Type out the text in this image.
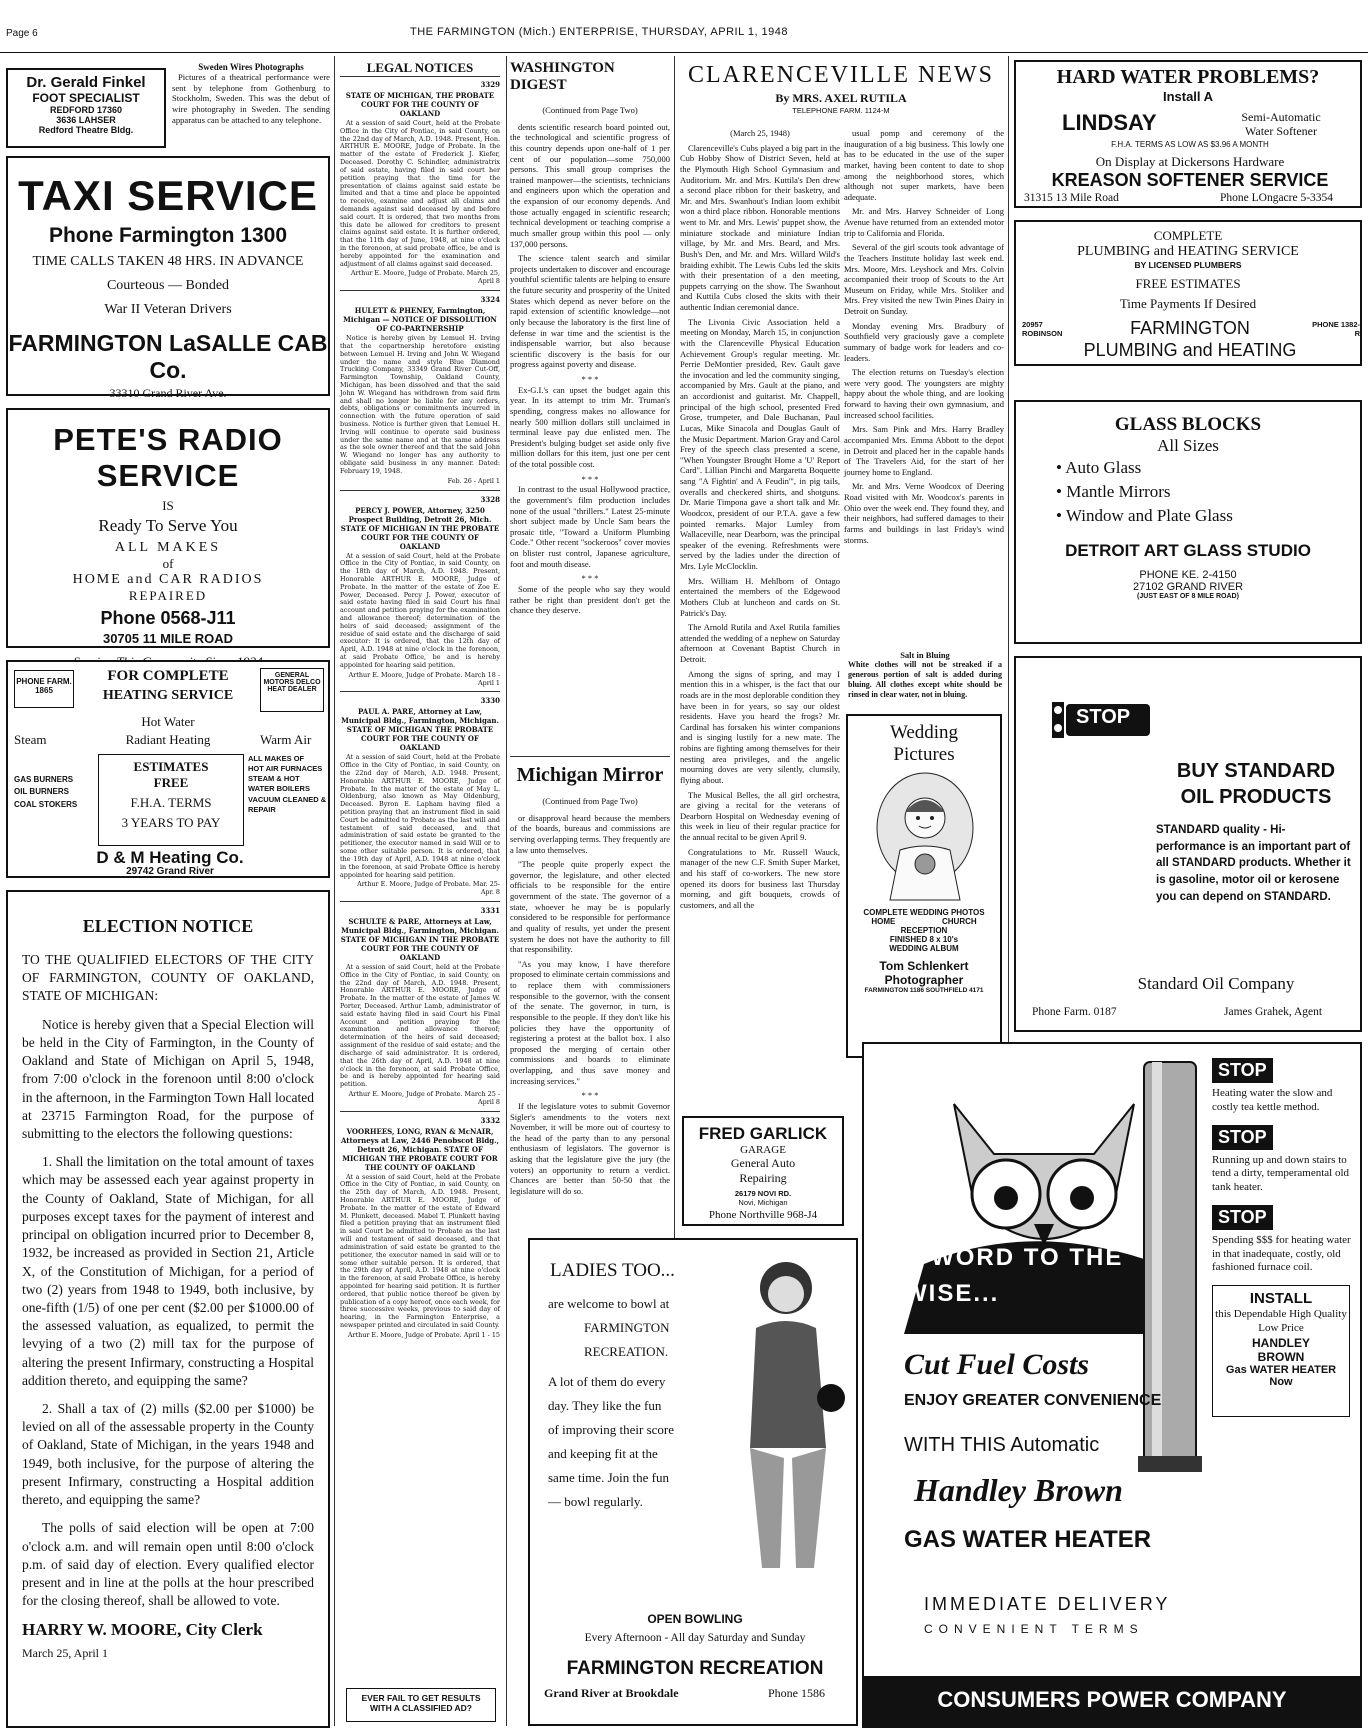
Page 6	THE FARMINGTON (Mich.) ENTERPRISE, THURSDAY, APRIL 1, 1948
Dr. Gerald Finkel
FOOT SPECIALIST
REDFORD 17360
3636 LAHSER
Redford Theatre Bldg.
Sweden Wires Photographs
Pictures of a theatrical performance were sent by telephone from Gothenburg to Stockholm, Sweden. This was the debut of wire photography in Sweden. The sending apparatus can be attached to any telephone.
TAXI SERVICE
Phone Farmington 1300
TIME CALLS TAKEN 48 HRS. IN ADVANCE
Courteous — Bonded
War II Veteran Drivers
FARMINGTON LaSALLE CAB Co.
33310 Grand River Ave.
PETE'S RADIO SERVICE
IS
Ready To Serve You
ALL MAKES
of
HOME and CAR RADIOS
REPAIRED
Phone 0568-J11
30705 11 MILE ROAD
PHONE FARM. 1865
FOR COMPLETE
HEATING SERVICE
GENERAL MOTORS DELCO HEAT DEALER
Hot Water
Steam	Radiant Heating	Warm Air
GAS BURNERS
OIL BURNERS
COAL STOKERS
ESTIMATES
FREE
F.H.A. TERMS
3 YEARS TO PAY
ALL MAKES OF
HOT AIR FURNACES
STEAM & HOT WATER BOILERS
VACUUM CLEANED & REPAIR
D & M Heating Co.
29742 Grand River
ELECTION NOTICE

TO THE QUALIFIED ELECTORS OF THE CITY OF FARMINGTON, COUNTY OF OAKLAND, STATE OF MICHIGAN:

Notice is hereby given that a Special Election will be held in the City of Farmington, in the County of Oakland and State of Michigan on April 5, 1948, from 7:00 o'clock in the forenoon until 8:00 o'clock in the afternoon, in the Farmington Town Hall located at 23715 Farmington Road, for the purpose of submitting to the electors the following questions:

1. Shall the limitation on the total amount of taxes which may be assessed each year against property in the County of Oakland, State of Michigan, for all purposes except taxes for the payment of interest and principal on obligation incurred prior to December 8, 1932, be increased as provided in Section 21, Article X, of the Constitution of Michigan, for a period of two (2) years from 1948 to 1949, both inclusive, by one-fifth (1/5) of one per cent ($2.00 per $1000.00 of the assessed valuation, as equalized, to permit the levying of a two (2) mill tax for the purpose of altering the present Infirmary, constructing a Hospital addition thereto, and equipping the same?

2. Shall a tax of (2) mills ($2.00 per $1000) be levied on all of the assessable property in the County of Oakland, State of Michigan, in the years 1948 and 1949, both inclusive, for the purpose of altering the present Infirmary, constructing a Hospital addition thereto, and equipping the same?

The polls of said election will be open at 7:00 o'clock a.m. and will remain open until 8:00 o'clock p.m. of said day of election. Every qualified elector present and in line at the polls at the hour prescribed for the closing thereof, shall be allowed to vote.

HARRY W. MOORE, City Clerk
March 25, April 1
LEGAL NOTICES
3329
STATE OF MICHIGAN, THE PROBATE COURT FOR THE COUNTY OF OAKLAND

At a session of said Court, held at the Probate Office in the City of Pontiac, in said County, on the 22nd day of March, A.D. 1948. Present, Hon. ARTHUR E. MOORE, Judge of Probate. In the matter of the estate of Frederick J. Kiefer, Deceased. Dorothy C. Schindler, administratrix of said estate, having filed in said court her petition praying that the time for the presentation of claims against said estate be limited and that a time and place be appointed to receive, examine and adjust all claims and demands against said deceased by and before said court. It is ordered, that two months from this date be allowed for creditors to present claims against said estate. It is further ordered, that the 11th day of June, 1948, at nine o'clock in the forenoon, at said probate office, be and is hereby appointed for the examination and adjustment of all claims against said deceased.

Arthur E. Moore, Judge of Probate. March 25, April 8

3324
HULETT & PHENEY, Farmington, Michigan — NOTICE OF DISSOLUTION OF CO-PARTNERSHIP

Notice is hereby given by Lemuel H. Irving that the copartnership heretofore existing between Lemuel H. Irving and John W. Wiegand under the name and style Blue Diamond Trucking Company, 33349 Grand River Cut-Off, Farmington Township, Oakland County, Michigan, has been dissolved and that the said John W. Wiegand has withdrawn from said firm and shall no longer be liable for any orders, debts, obligations or commitments incurred in connection with the future operation of said business. Notice is further given that Lemuel H. Irving will continue to operate said business under the same name and at the same address as the sole owner thereof and that the said John W. Wiegand no longer has any authority to obligate said business in any manner. Dated: February 19, 1948.

Feb. 26 - April 1

3328
PERCY J. POWER, Attorney, 3250 Prospect Building, Detroit 26, Mich. STATE OF MICHIGAN IN THE PROBATE COURT FOR THE COUNTY OF OAKLAND

At a session of said Court, held at the Probate Office in the City of Pontiac, in said County, on the 18th day of March, A.D. 1948. Present, Honorable ARTHUR E. MOORE, Judge of Probate. In the matter of the estate of Zoe E. Power, Deceased. Percy J. Power, executor of said estate having filed in said Court his final account and petition praying for the examination and allowance thereof; determination of the heirs of said deceased; assignment of the residue of said estate and the discharge of said executor: It is ordered, that the 12th day of April, A.D. 1948 at nine o'clock in the forenoon, at said Probate Office, be and is hereby appointed for hearing said petition.

Arthur E. Moore, Judge of Probate. March 18 - April 1

3330
PAUL A. PARE, Attorney at Law, Municipal Bldg., Farmington, Michigan. STATE OF MICHIGAN THE PROBATE COURT FOR THE COUNTY OF OAKLAND

At a session of said Court, held at the Probate Office in the City of Pontiac, in said County, on the 22nd day of March, A.D. 1948. Present, Honorable ARTHUR E. MOORE, Judge of Probate. In the matter of the estate of May L. Oldenburg, also known as May Oldenburg, Deceased. Byron E. Lapham having filed a petition praying that an instrument filed in said Court be admitted to Probate as the last will and testament of said deceased, and that administration of said estate be granted to the petitioner, the executor named in said Will or to some other suitable person. It is ordered, that the 19th day of April, A.D. 1948 at nine o'clock in the forenoon, at said Probate Office is hereby appointed for hearing said petition.

Arthur E. Moore, Judge of Probate. Mar. 25-Apr. 8

3331
SCHULTE & PARE, Attorneys at Law, Municipal Bldg., Farmington, Michigan. STATE OF MICHIGAN IN THE PROBATE COURT FOR THE COUNTY OF OAKLAND

At a session of said Court, held at the Probate Office in the City of Pontiac, in said County, on the 22nd day of March, A.D. 1948. Present, Honorable ARTHUR E. MOORE, Judge of Probate. In the matter of the estate of James W. Porter, Deceased. Arthur Lamb, administrator of said estate having filed in said Court his Final Account and petition praying for the examination and allowance thereof; determination of the heirs of said deceased; assignment of the residue of said estate; and the discharge of said administrator. It is ordered, that the 26th day of April, A.D. 1948 at nine o'clock in the forenoon, at said Probate Office, be and is hereby appointed for hearing said petition.

Arthur E. Moore, Judge of Probate. March 25 - April 8

3332
VOORHEES, LONG, RYAN & McNAIR, Attorneys at Law, 2446 Penobscot Bldg., Detroit 26, Michigan. STATE OF MICHIGAN THE PROBATE COURT FOR THE COUNTY OF OAKLAND

At a session of said Court, held at the Probate Office in the City of Pontiac, in said County, on the 25th day of March, A.D. 1948. Present, Honorable ARTHUR E. MOORE, Judge of Probate. In the matter of the estate of Edward M. Plunkett, deceased. Mabel T. Plunkett having filed a petition praying that an instrument filed in said Court be admitted to Probate as the last will and testament of said deceased, and that administration of said estate be granted to the petitioner, the executor named in said will or to some other suitable person. It is ordered, that the 29th day of April, A.D. 1948 at nine o'clock in the forenoon, at said Probate Office, is hereby appointed for hearing said petition. It is further ordered, that public notice thereof be given by publication of a copy hereof, once each week, for three successive weeks, previous to said day of hearing, in the Farmington Enterprise, a newspaper printed and circulated in said County.

Arthur E. Moore, Judge of Probate. April 1 - 15

EVER FAIL TO GET RESULTS WITH A CLASSIFIED AD?
WASHINGTON DIGEST
(Continued from Page Two)

dents scientific research board pointed out, the technological and scientific progress of this country depends upon one-half of 1 per cent of our population—some 750,000 persons. This small group comprises the trained manpower—the scientists, technicians and engineers upon which the operation and the expansion of our economy depends. And those actually engaged in scientific research; technical development or teaching comprise a much smaller group within this pool — only 137,000 persons.

The science talent search and similar projects undertaken to discover and encourage youthful scientific talents are helping to ensure the future security and prosperity of the United States which depend as never before on the rapid extension of scientific knowledge—not only because the laboratory is the first line of defense in war time and the scientist is the indispensable warrior, but also because scientific discovery is the basis for our progress against poverty and disease.

* * *

Ex-G.I.'s can upset the budget again this year. In its attempt to trim Mr. Truman's spending, congress makes no allowance for nearly 500 million dollars still unclaimed in terminal leave pay due enlisted men. The President's bulging budget set aside only five million dollars for this item, just one per cent of the total possible cost.

* * *

In contrast to the usual Hollywood practice, the government's film production includes none of the usual "thrillers." Latest 25-minute short subject made by Uncle Sam bears the prosaic title, "Toward a Uniform Plumbing Code." Other recent "sockeroos" cover movies on blister rust control, Japanese agriculture, foot and mouth disease.

* * *

Some of the people who say they would rather be right than president don't get the chance they deserve.

Michigan Mirror
(Continued from Page Two)

or disapproval heard because the members of the boards, bureaus and commissions are serving overlapping terms. They frequently are a law unto themselves.

"The people quite properly expect the governor, the legislature, and other elected officials to be responsible for the entire government of the state. The governor of a state, whoever he may be is popularly considered to be responsible for performance and quality of results, yet under the present system he does not have the authority to fill that responsibility.

"As you may know, I have therefore proposed to eliminate certain commissions and to replace them with commissioners responsible to the governor, with the consent of the senate. The governor, in turn, is responsible to the people. If they don't like his policies they have the opportunity of registering a protest at the ballot box. I also proposed the merging of certain other commissions and boards to eliminate overlapping, and thus save money and increasing services."

* * *

If the legislature votes to submit Governor Sigler's amendments to the voters next November, it will be more out of courtesy to the head of the party than to any personal enthusiasm of legislators. The governor is asking that the legislature give the jury (the voters) an opportunity to return a verdict. Chances are better than 50-50 that the legislature will do so.

CLARENCEVILLE NEWS
By MRS. AXEL RUTILA
TELEPHONE FARM. 1124-M
(March 25, 1948)

Clarenceville's Cubs played a big part in the Cub Hobby Show of District Seven, held at the Plymouth High School Gymnasium and Auditorium. Mr. and Mrs. Kuttila's Den drew a second place ribbon for their basketry, and Mr. and Mrs. Swanhout's Indian loom exhibit won a third place ribbon. Honorable mentions went to Mr. and Mrs. Lewis' puppet show, the miniature stockade and miniature Indian village, by Mr. and Mrs. Beard, and Mrs. Bush's Den, and Mr. and Mrs. Willard Wild's braiding exhibit. The Lewis Cubs led the skits with their presentation of a den meeting, puppets carrying on the show. The Swanhout and Kuttila Cubs closed the skits with their authentic Indian ceremonial dance.

The Livonia Civic Association held a meeting on Monday, March 15, in conjunction with the Clarenceville Physical Education Achievement Group's regular meeting. Mr. Perrie DeMontier presided, Rev. Gault gave the invocation and led the community singing, accompanied by Mrs. Gault at the piano, and an accordionist and guitarist. Mr. Chappell, principal of the high school, presented Fred Grose, trumpeter, and Dale Buchanan, Paul Lucas, Mike Sinacola and Douglas Gault of the Music Department. Marion Gray and Carol Frey of the speech class presented a scene, "When Youngster Brought Home a 'U' Report Card". Lillian Pinchi and Margaretta Boquette sang "A Fightin' and A Feudin'", in pig tails, overalls and checkered shirts, and shotguns. Dr. Marie Timpona gave a short talk and Mr. Woodcox, president of our P.T.A. gave a few pointed remarks. Major Lumley from Wallaceville, near Dearborn, was the principal speaker of the evening. Refreshments were served by the ladies under the direction of Mrs. Lyle McClocklin.

Mrs. William H. Mehlborn of Ontago entertained the members of the Edgewood Mothers Club at luncheon and cards on St. Patrick's Day.

The Arnold Rutila and Axel Rutila families attended the wedding of a nephew on Saturday afternoon at Covenant Baptist Church in Detroit.

Among the signs of spring, and may I mention this in a whisper, is the fact that our roads are in the most deplorable condition they have been in for years, so say our oldest residents. Have you heard the frogs? Mr. Cardinal has forsaken his winter companions and is singing lustily for a new mate. The robins are fighting among themselves for their nesting area privileges, and the angelic mourning doves are very silently, clumsily, flying about.

The Musical Belles, the all girl orchestra, are giving a recital for the veterans of Dearborn Hospital on Wednesday evening of this week in lieu of their regular practice for the annual recital to be given April 9.

Congratulations to Mr. Russell Wauck, manager of the new C.F. Smith Super Market, and his staff of co-workers. The new store opened its doors for business last Thursday morning, and gift bouquets, crowds of customers, and all the

usual pomp and ceremony of the inauguration of a big business. This lowly one has to be educated in the use of the super market, having been content to date to shop among the neighborhood stores, which although not super markets, have been adequate.

Mr. and Mrs. Harvey Schneider of Long Avenue have returned from an extended motor trip to California and Florida.

Several of the girl scouts took advantage of the Teachers Institute holiday last week end. Mrs. Moore, Mrs. Leyshock and Mrs. Colvin accompanied their troop of Scouts to the Art Museum on Friday, while Mrs. Stoliker and Mrs. Frey visited the new Twin Pines Dairy in Detroit on Sunday.

Monday evening Mrs. Bradbury of Southfield very graciously gave a complete summary of badge work for leaders and co-leaders.

The election returns on Tuesday's election were very good. The youngsters are mighty happy about the whole thing, and are looking forward to having their own gymnasium, and increased school facilities.

Mrs. Sam Pink and Mrs. Harry Bradley accompanied Mrs. Emma Abbott to the depot in Detroit and placed her in the capable hands of The Travelers Aid, for the start of her journey home to England.

Mr. and Mrs. Verne Woodcox of Deering Road visited with Mr. Woodcox's parents in Ohio over the week end. They found they, and their neighbors, had suffered damages to their farms and buildings in last Friday's wind storms.

Salt in Bluing
White clothes will not be streaked if a generous portion of salt is added during bluing. All clothes except white should be rinsed in clear water, not in bluing.
Wedding
Pictures
COMPLETE WEDDING PHOTOS
HOME	CHURCH
RECEPTION
FINISHED 8 x 10's
WEDDING ALBUM
Tom Schlenkert
Photographer
FARMINGTON 1186 SOUTHFIELD 4171
FRED GARLICK
GARAGE
General Auto
Repairing
26179 NOVI RD.
Novi, Michigan
Phone Northville 968-J4
LADIES TOO...
are welcome to bowl at
FARMINGTON
RECREATION.
A lot of them do every
day. They like the fun
of improving their score
and keeping fit at the
same time. Join the fun
— bowl regularly.
OPEN BOWLING
Every Afternoon - All day Saturday and Sunday
FARMINGTON RECREATION
Grand River at Brookdale	Phone 1586
HARD WATER PROBLEMS?
Install A
LINDSAY	Semi-Automatic
Water Softener
F.H.A. TERMS AS LOW AS $3.96 A MONTH
On Display at Dickersons Hardware
KREASON SOFTENER SERVICE
31315 13 Mile Road	Phone LOngacre 5-3354
COMPLETE
PLUMBING and HEATING SERVICE
BY LICENSED PLUMBERS
FREE ESTIMATES
Time Payments If Desired
20957 ROBINSON	FARMINGTON	PHONE 1382-R
PLUMBING and HEATING
GLASS BLOCKS
All Sizes
• Auto Glass
• Mantle Mirrors
• Window and Plate Glass
DETROIT ART GLASS STUDIO
PHONE KE. 2-4150
27102 GRAND RIVER
(JUST EAST OF 8 MILE ROAD)
STOP
BUY STANDARD
OIL PRODUCTS
STANDARD quality - Hi-performance is an important part of all STANDARD products. Whether it is gasoline, motor oil or kerosene you can depend on STANDARD.
Standard Oil Company
Phone Farm. 0187	James Grahek, Agent
A WORD TO THE WISE...
STOP
Heating water the slow and costly tea kettle method.
STOP
Running up and down stairs to tend a dirty, temperamental old tank heater.
STOP
Spending $$$ for heating water in that inadequate, costly, old fashioned furnace coil.
INSTALL
this Dependable High Quality Low Price
HANDLEY
BROWN
Gas WATER HEATER Now
Cut Fuel Costs
ENJOY GREATER CONVENIENCE
WITH THIS Automatic
Handley Brown
GAS WATER HEATER
IMMEDIATE DELIVERY
CONVENIENT TERMS
CONSUMERS POWER COMPANY
